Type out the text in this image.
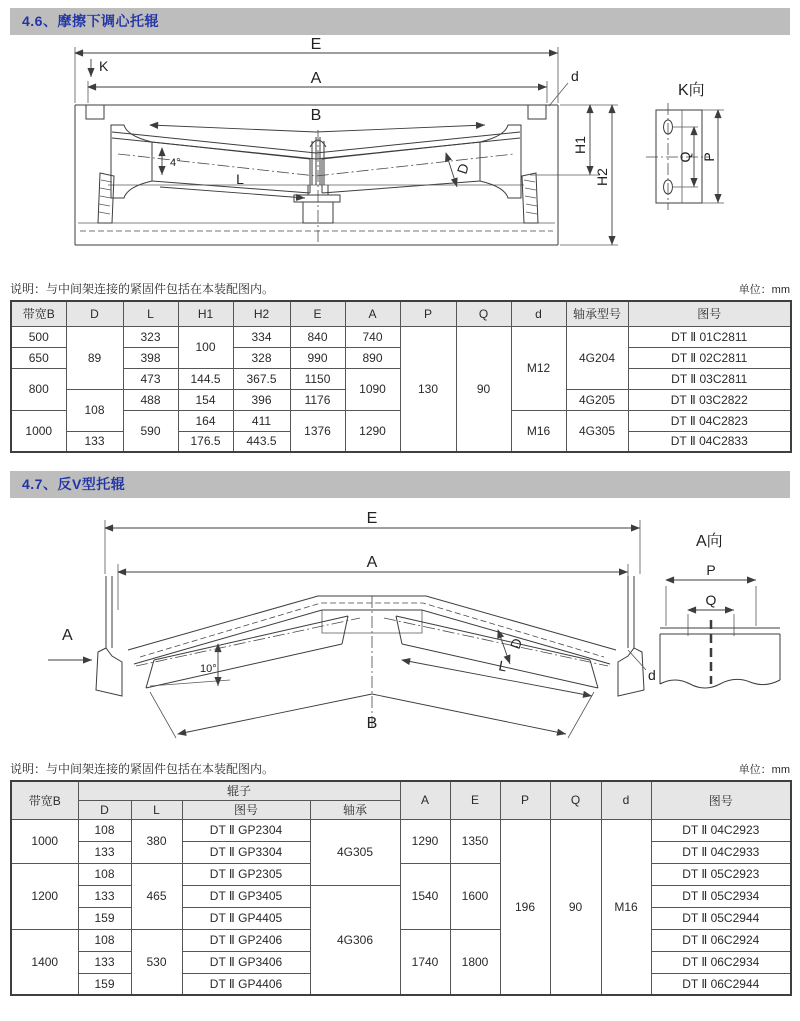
4.6、摩擦下调心托辊
E
K
A	d
B
L
4°	D
H1
H2
K向
Q P
说明：与中间架连接的紧固件包括在本装配图内。	单位：mm
带宽B	D	L	H1	H2	E	A	P	Q	d	轴承型号	图号
500	89	323	100	334	840	740	130	90	M12	4G204	DT Ⅱ 01C2811
650		398		328	990	890					DT Ⅱ 02C2811
800		473	144.5	367.5	1150	1090					DT Ⅱ 03C2811
	108	488	154	396	1176					4G205	DT Ⅱ 03C2822
1000		590	164	411	1376	1290			M16	4G305	DT Ⅱ 04C2823
	133		176.5	443.5							DT Ⅱ 04C2833
4.7、反V型托辊
E
A
10°
B
L
D
A
d
A向
P
Q
说明：与中间架连接的紧固件包括在本装配图内。	单位：mm
带宽B	辊子				A	E	P	Q	d	图号
	D	L	图号	轴承						
1000	108	380	DT Ⅱ GP2304	4G305	1290	1350	196	90	M16	DT Ⅱ 04C2923
	133		DT Ⅱ GP3304							DT Ⅱ 04C2933
1200	108	465	DT Ⅱ GP2305		1540	1600				DT Ⅱ 05C2923
	133		DT Ⅱ GP3405	4G306						DT Ⅱ 05C2934
	159		DT Ⅱ GP4405							DT Ⅱ 05C2944
1400	108	530	DT Ⅱ GP2406		1740	1800				DT Ⅱ 06C2924
	133		DT Ⅱ GP3406							DT Ⅱ 06C2934
	159		DT Ⅱ GP4406							DT Ⅱ 06C2944
